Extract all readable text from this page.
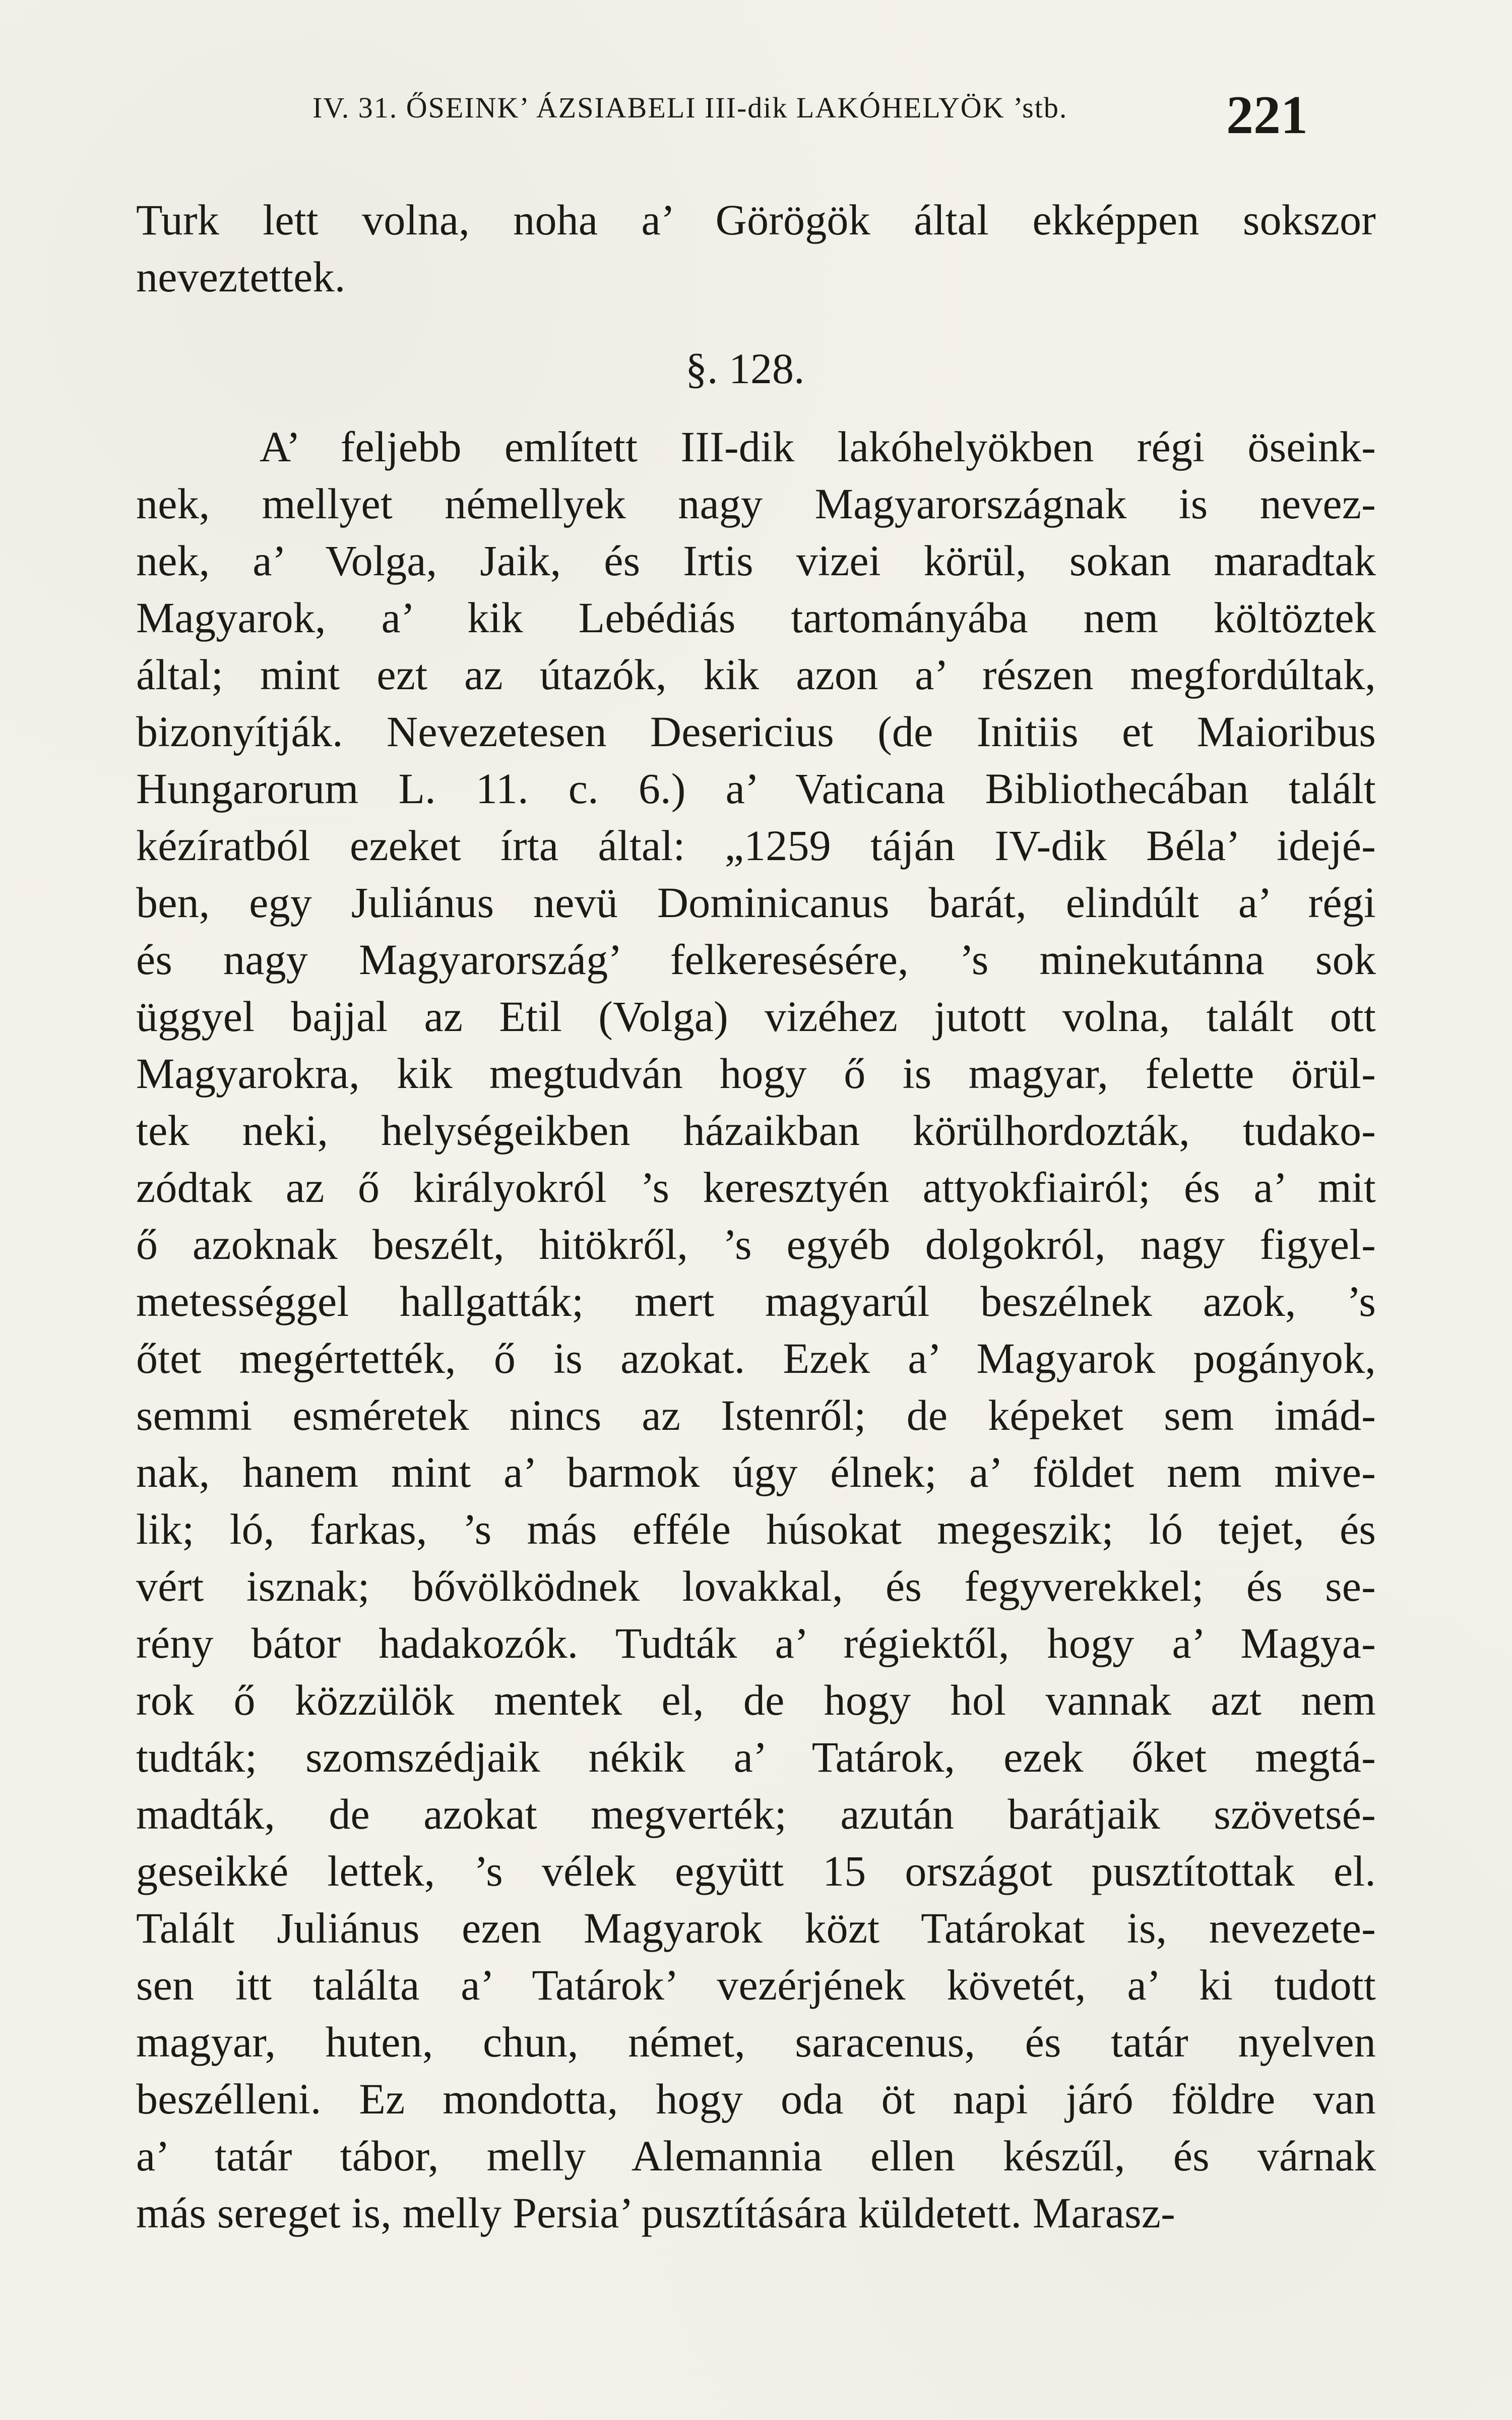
IV. 31. ŐSEINK’ ÁZSIABELI III-dik LAKÓHELYÖK ’stb.	221
Turk lett volna, noha a’ Görögök által ekképpen sokszor
neveztettek.
§. 128.
A’ feljebb említett III-dik lakóhelyökben régi öseink-
nek, mellyet némellyek nagy Magyarországnak is nevez-
nek, a’ Volga, Jaik, és Irtis vizei körül, sokan maradtak
Magyarok, a’ kik Lebédiás tartományába nem költöztek
által; mint ezt az útazók, kik azon a’ részen megfordúltak,
bizonyítják. Nevezetesen Desericius (de Initiis et Maioribus
Hungarorum L. 11. c. 6.) a’ Vaticana Bibliothecában talált
kézíratból ezeket írta által: „1259 táján IV-dik Béla’ idejé-
ben, egy Juliánus nevü Dominicanus barát, elindúlt a’ régi
és nagy Magyarország’ felkeresésére, ’s minekutánna sok
üggyel bajjal az Etil (Volga) vizéhez jutott volna, talált ott
Magyarokra, kik megtudván hogy ő is magyar, felette örül-
tek neki, helységeikben házaikban körülhordozták, tudako-
zódtak az ő királyokról ’s keresztyén attyokfiairól; és a’ mit
ő azoknak beszélt, hitökről, ’s egyéb dolgokról, nagy figyel-
metességgel hallgatták; mert magyarúl beszélnek azok, ’s
őtet megértették, ő is azokat. Ezek a’ Magyarok pogányok,
semmi esméretek nincs az Istenről; de képeket sem imád-
nak, hanem mint a’ barmok úgy élnek; a’ földet nem mive-
lik; ló, farkas, ’s más efféle húsokat megeszik; ló tejet, és
vért isznak; bővölködnek lovakkal, és fegyverekkel; és se-
rény bátor hadakozók. Tudták a’ régiektől, hogy a’ Magya-
rok ő közzülök mentek el, de hogy hol vannak azt nem
tudták; szomszédjaik nékik a’ Tatárok, ezek őket megtá-
madták, de azokat megverték; azután barátjaik szövetsé-
geseikké lettek, ’s vélek együtt 15 országot pusztítottak el.
Talált Juliánus ezen Magyarok közt Tatárokat is, nevezete-
sen itt találta a’ Tatárok’ vezérjének követét, a’ ki tudott
magyar, huten, chun, német, saracenus, és tatár nyelven
beszélleni. Ez mondotta, hogy oda öt napi járó földre van
a’ tatár tábor, melly Alemannia ellen készűl, és várnak
más sereget is, melly Persia’ pusztítására küldetett. Marasz-
